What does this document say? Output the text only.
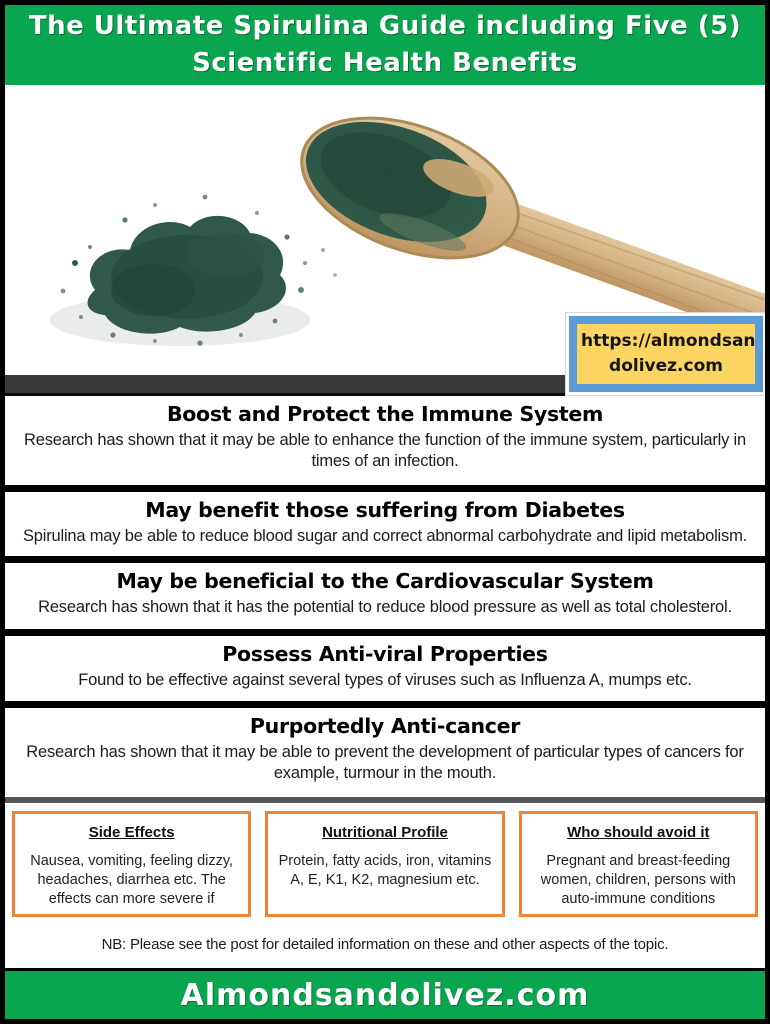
The Ultimate Spirulina Guide including Five (5)
Scientific Health Benefits
https://almondsan
dolivez.com
Boost and Protect the Immune System

Research has shown that it may be able to enhance the function of the immune system, particularly in times of an infection.

May benefit those suffering from Diabetes

Spirulina may be able to reduce blood sugar and correct abnormal carbohydrate and lipid metabolism.

May be beneficial to the Cardiovascular System

Research has shown that it has the potential to reduce blood pressure as well as total cholesterol.

Possess Anti-viral Properties

Found to be effective against several types of viruses such as Influenza A, mumps etc.

Purportedly Anti-cancer

Research has shown that it may be able to prevent the development of particular types of cancers for example, turmour in the mouth.

Side Effects

Nausea, vomiting, feeling dizzy, headaches, diarrhea etc. The effects can more severe if

Nutritional Profile

Protein, fatty acids, iron, vitamins A, E, K1, K2, magnesium etc.

Who should avoid it

Pregnant and breast-feeding women, children, persons with auto-immune conditions

NB: Please see the post for detailed information on these and other aspects of the topic.

Almondsandolivez.com
